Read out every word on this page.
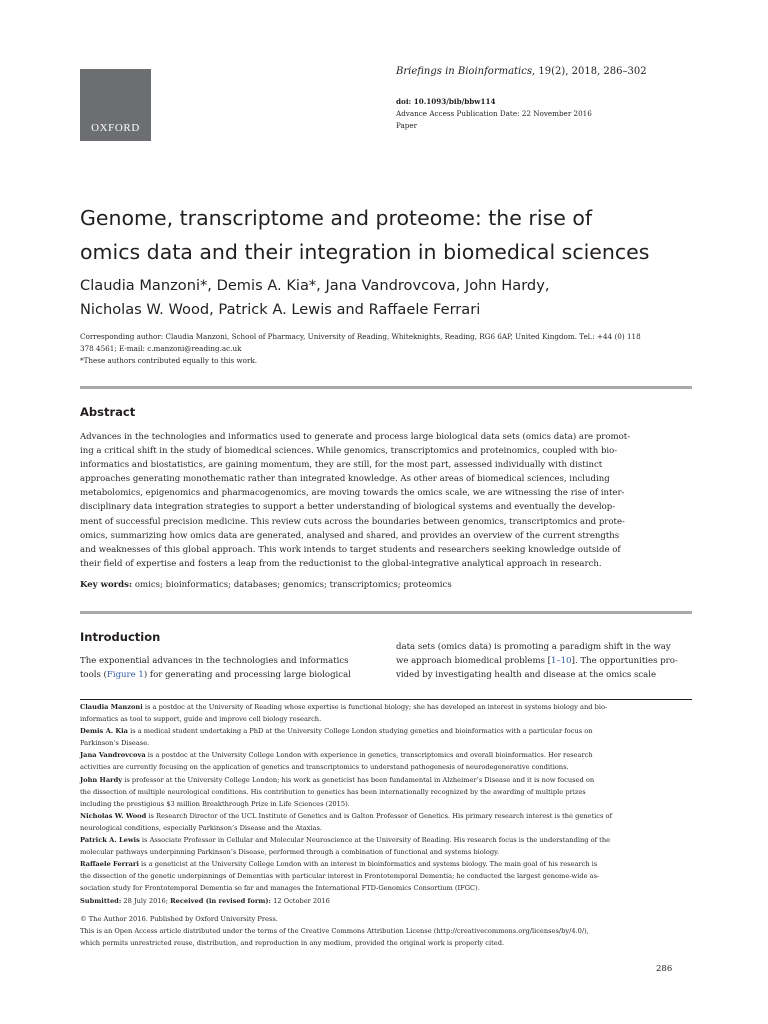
OXFORD
Briefings in Bioinformatics, 19(2), 2018, 286–302
doi: 10.1093/bib/bbw114
Advance Access Publication Date: 22 November 2016
Paper
Genome, transcriptome and proteome: the rise of
omics data and their integration in biomedical sciences
Claudia Manzoni*, Demis A. Kia*, Jana Vandrovcova, John Hardy,
Nicholas W. Wood, Patrick A. Lewis and Raffaele Ferrari
Corresponding author: Claudia Manzoni, School of Pharmacy, University of Reading, Whiteknights, Reading, RG6 6AP, United Kingdom. Tel.: +44 (0) 118
378 4561; E-mail: c.manzoni@reading.ac.uk
*These authors contributed equally to this work.
Abstract
Advances in the technologies and informatics used to generate and process large biological data sets (omics data) are promot-
ing a critical shift in the study of biomedical sciences. While genomics, transcriptomics and proteinomics, coupled with bio-
informatics and biostatistics, are gaining momentum, they are still, for the most part, assessed individually with distinct
approaches generating monothematic rather than integrated knowledge. As other areas of biomedical sciences, including
metabolomics, epigenomics and pharmacogenomics, are moving towards the omics scale, we are witnessing the rise of inter-
disciplinary data integration strategies to support a better understanding of biological systems and eventually the develop-
ment of successful precision medicine. This review cuts across the boundaries between genomics, transcriptomics and prote-
omics, summarizing how omics data are generated, analysed and shared, and provides an overview of the current strengths
and weaknesses of this global approach. This work intends to target students and researchers seeking knowledge outside of
their field of expertise and fosters a leap from the reductionist to the global-integrative analytical approach in research.
Key words: omics; bioinformatics; databases; genomics; transcriptomics; proteomics
Introduction
The exponential advances in the technologies and informatics
tools (Figure 1) for generating and processing large biological
data sets (omics data) is promoting a paradigm shift in the way
we approach biomedical problems [1–10]. The opportunities pro-
vided by investigating health and disease at the omics scale

Claudia Manzoni is a postdoc at the University of Reading whose expertise is functional biology; she has developed an interest in systems biology and bio-

informatics as tool to support, guide and improve cell biology research.

Demis A. Kia is a medical student undertaking a PhD at the University College London studying genetics and bioinformatics with a particular focus on

Parkinson’s Disease.

Jana Vandrovcova is a postdoc at the University College London with experience in genetics, transcriptomics and overall bioinformatics. Her research

activities are currently focusing on the application of genetics and transcriptomics to understand pathogenesis of neurodegenerative conditions.

John Hardy is professor at the University College London; his work as geneticist has been fundamental in Alzheimer’s Disease and it is now focused on

the dissection of multiple neurological conditions. His contribution to genetics has been internationally recognized by the awarding of multiple prizes

including the prestigious $3 million Breakthrough Prize in Life Sciences (2015).

Nicholas W. Wood is Research Director of the UCL Institute of Genetics and is Galton Professor of Genetics. His primary research interest is the genetics of

neurological conditions, especially Parkinson’s Disease and the Ataxias.

Patrick A. Lewis is Associate Professor in Cellular and Molecular Neuroscience at the University of Reading. His research focus is the understanding of the

molecular pathways underpinning Parkinson’s Disease, performed through a combination of functional and systems biology.

Raffaele Ferrari is a geneticist at the University College London with an interest in bioinformatics and systems biology. The main goal of his research is

the dissection of the genetic underpinnings of Dementias with particular interest in Frontotemporal Dementia; he conducted the largest genome-wide as-

sociation study for Frontotemporal Dementia so far and manages the International FTD-Genomics Consortium (IFGC).

Submitted: 28 July 2016; Received (in revised form): 12 October 2016

© The Author 2016. Published by Oxford University Press.

This is an Open Access article distributed under the terms of the Creative Commons Attribution License (http://creativecommons.org/licenses/by/4.0/),

which permits unrestricted reuse, distribution, and reproduction in any medium, provided the original work is properly cited.

286
